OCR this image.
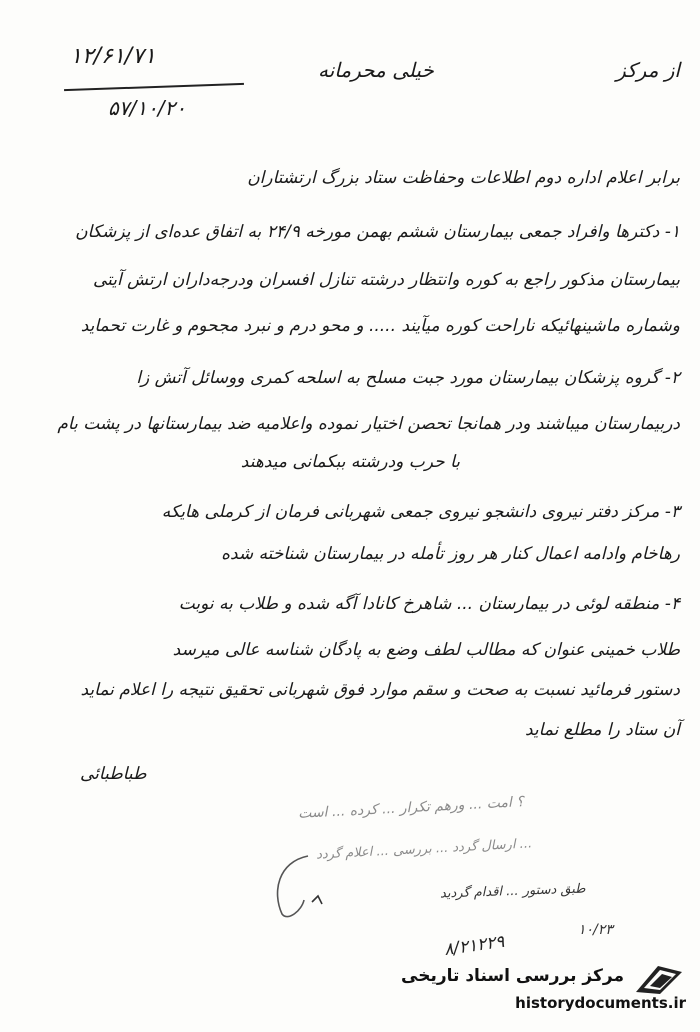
از مرکز
خیلی محرمانه
۱۲/۶۱/۷۱
۵۷/۱۰/۲۰
برابر اعلام اداره دوم اطلاعات وحفاظت ستاد بزرگ ارتشتاران
۱- دکترها وافراد جمعی بیمارستان ششم بهمن مورخه ۲۴/۹ به اتفاق عده‌ای از پزشکان
بیمارستان مذکور راجع به کوره وانتظار درشته تنازل افسران ودرجه‌داران ارتش آیتی
وشماره ماشینهائیکه ناراحت کوره میآیند ..... و محو درم و نبرد مجحوم و غارت تحماید
۲- گروه پزشکان بیمارستان مورد جبت مسلح به اسلحه کمری ووسائل آتش زا
دربیمارستان میباشند ودر همانجا تحصن اختیار نموده واعلامیه ضد بیمارستانها در پشت بام
با حرب ودرشته ببکمانی میدهند
۳- مرکز دفتر نیروی دانشجو نیروی جمعی شهربانی فرمان از کرملی هایکه
رهاخام وادامه اعمال کنار هر روز تأمله در بیمارستان شناخته شده
۴- منطقه لوئی در بیمارستان ... شاهرخ کانادا آگه شده و طلاب به نوبت
طلاب خمینی عنوان که مطالب لطف وضع به پادگان شناسه عالی میرسد
دستور فرمائید نسبت به صحت و سقم موارد فوق شهربانی تحقیق نتیجه را اعلام نماید
آن ستاد را مطلع نماید
طباطبائی
؟ امت ... ورهم تکرار ... کرده ... است
... ارسال گردد ... بررسی ... اعلام گردد
طبق دستور ... اقدام گردید
۱۰/۲۳
۸/۲۱۲۲۹
مرکز بررسی اسناد تاریخی
historydocuments.ir
